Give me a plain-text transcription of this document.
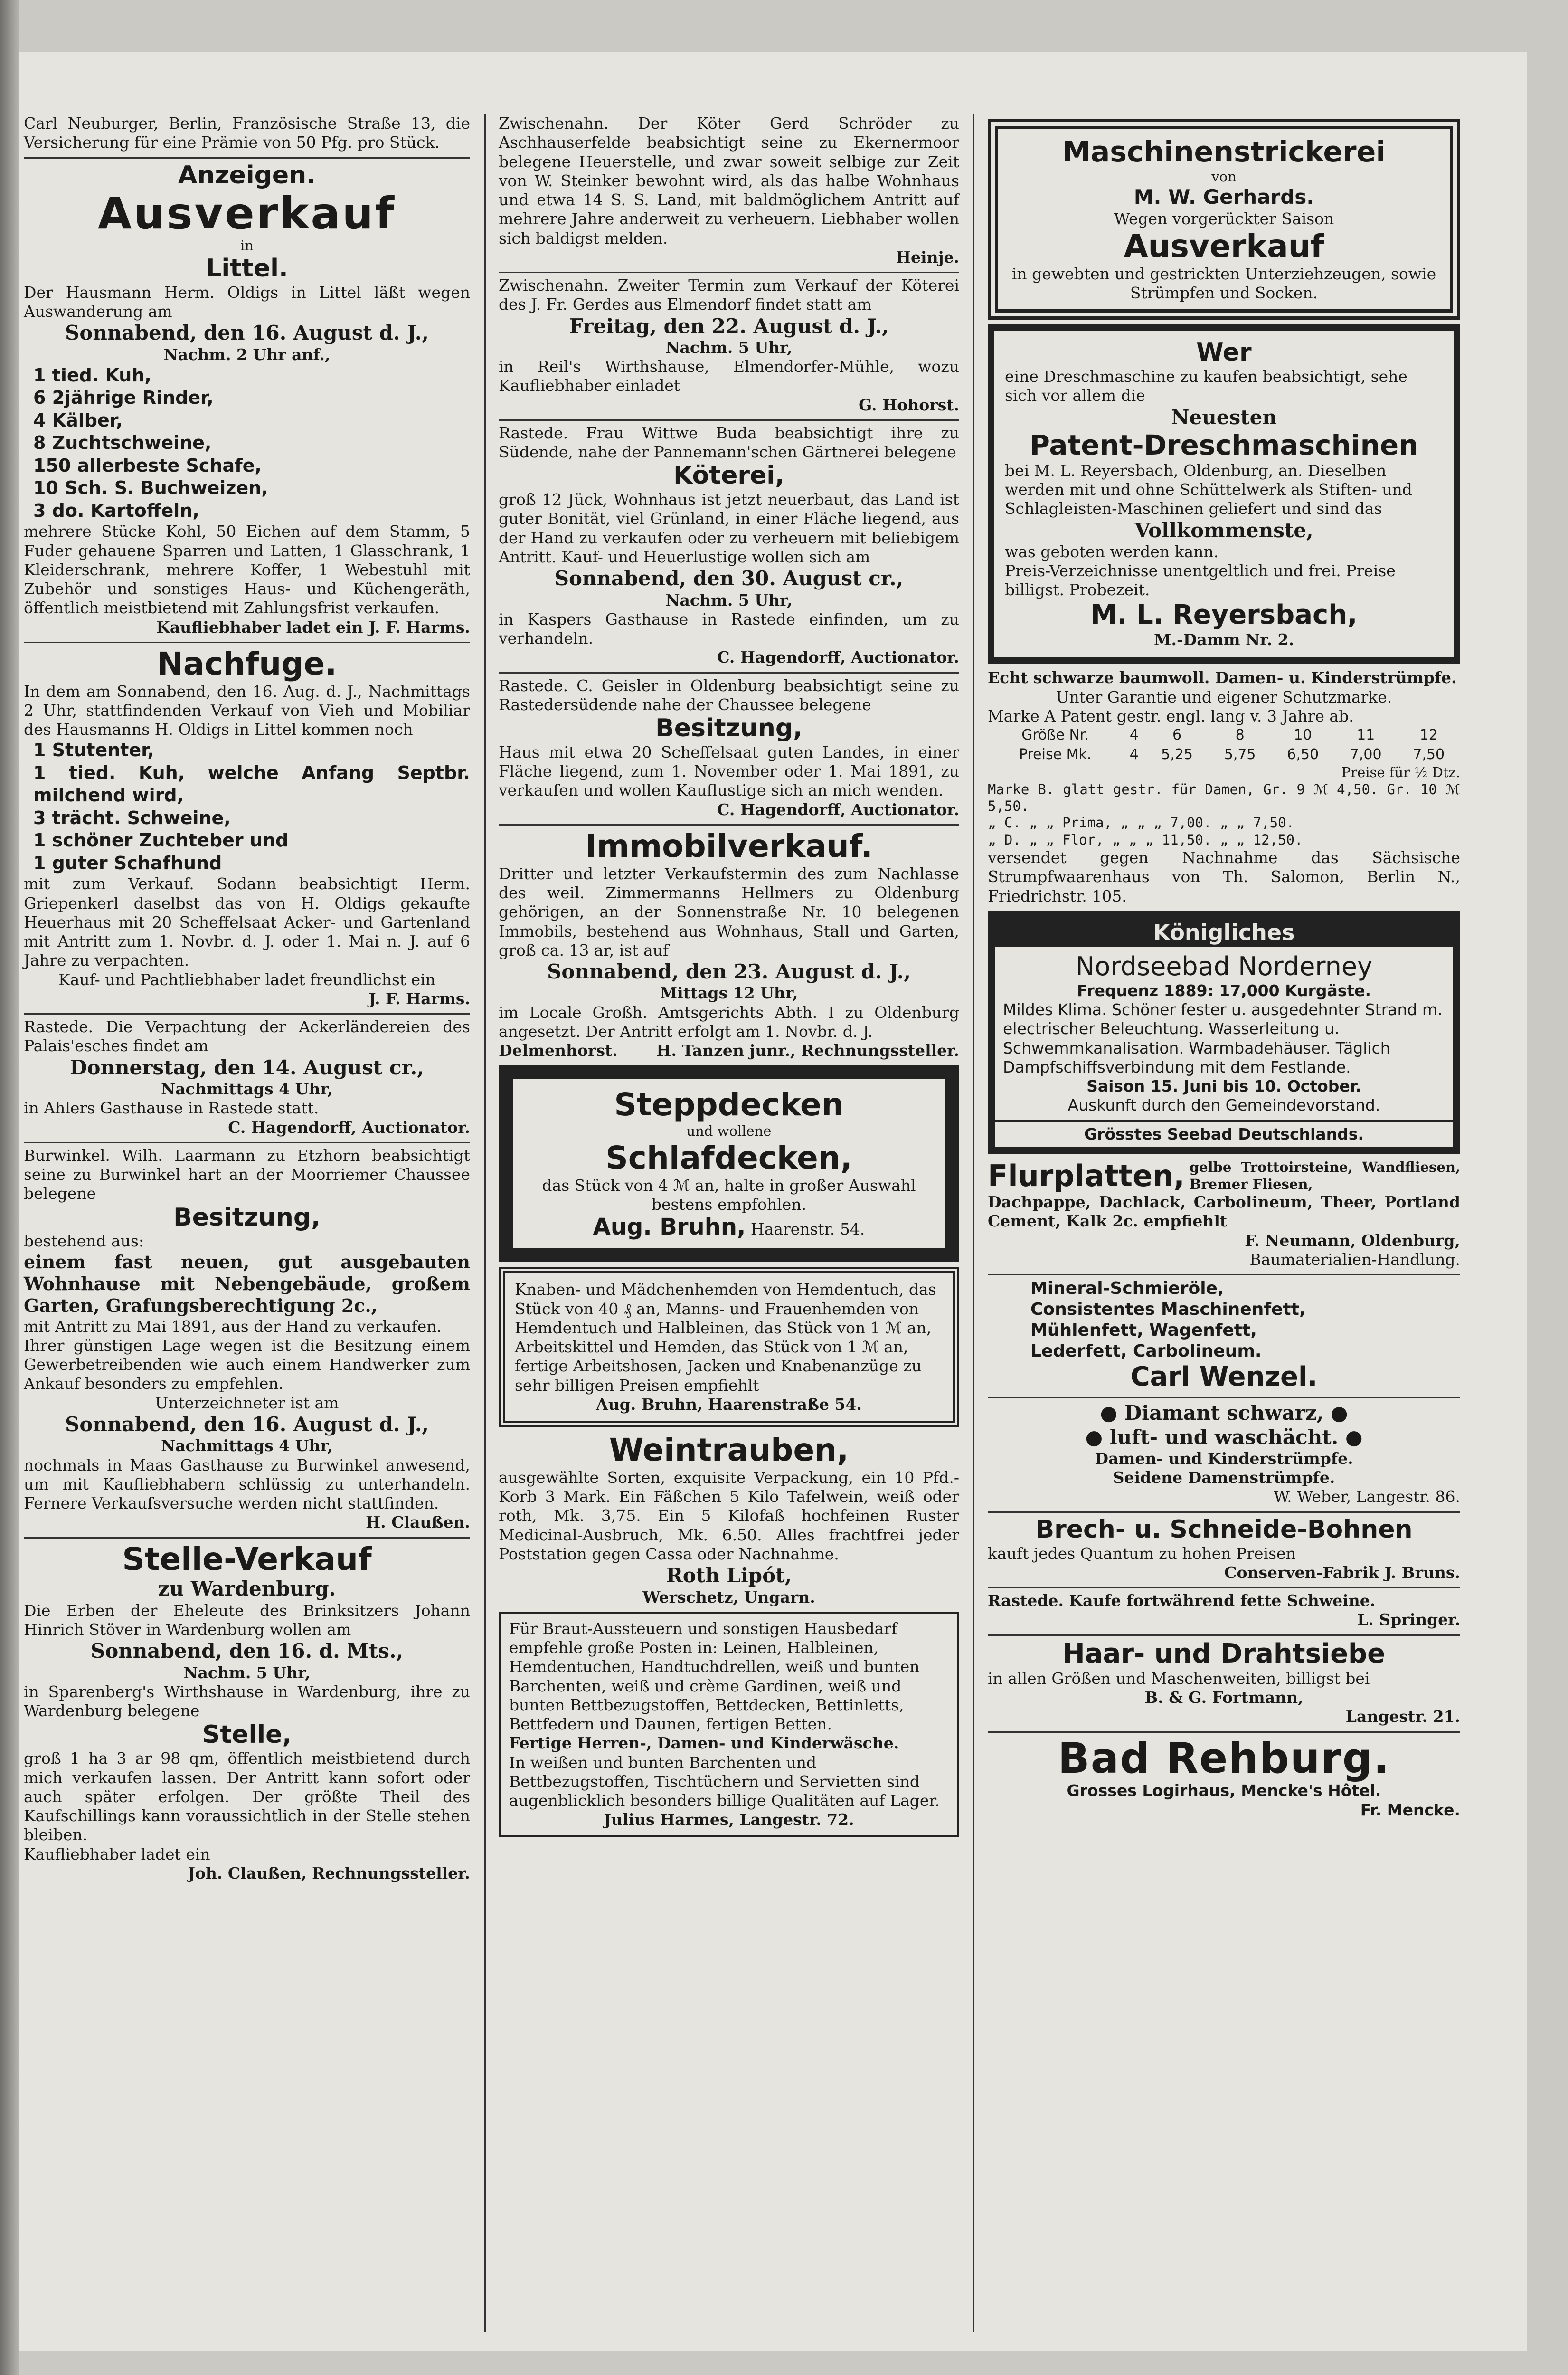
Carl Neuburger, Berlin, Französische Straße 13, die Versicherung für eine Prämie von 50 Pfg. pro Stück.
Anzeigen.
Ausverkauf
in
Littel.
Der Hausmann Herm. Oldigs in Littel läßt wegen Auswanderung am
Sonnabend, den 16. August d. J.,
Nachm. 2 Uhr anf.,
1 tied. Kuh,
6 2jährige Rinder,
4 Kälber,
8 Zuchtschweine,
150 allerbeste Schafe,
10 Sch. S. Buchweizen,
3 do. Kartoffeln,
mehrere Stücke Kohl, 50 Eichen auf dem Stamm, 5 Fuder gehauene Sparren und Latten, 1 Glasschrank, 1 Kleiderschrank, mehrere Koffer, 1 Webestuhl mit Zubehör und sonstiges Haus- und Küchengeräth, öffentlich meistbietend mit Zahlungsfrist verkaufen.
Kaufliebhaber ladet ein J. F. Harms.
Nachfuge.
In dem am Sonnabend, den 16. Aug. d. J., Nachmittags 2 Uhr, stattfindenden Verkauf von Vieh und Mobiliar des Hausmanns H. Oldigs in Littel kommen noch
1 Stutenter,
1 tied. Kuh, welche Anfang Septbr. milchend wird,
3 trächt. Schweine,
1 schöner Zuchteber und
1 guter Schafhund
mit zum Verkauf. Sodann beabsichtigt Herm. Griepenkerl daselbst das von H. Oldigs gekaufte Heuerhaus mit 20 Scheffelsaat Acker- und Gartenland mit Antritt zum 1. Novbr. d. J. oder 1. Mai n. J. auf 6 Jahre zu verpachten.
Kauf- und Pachtliebhaber ladet freundlichst ein
J. F. Harms.
Rastede. Die Verpachtung der Ackerländereien des Palais'esches findet am
Donnerstag, den 14. August cr.,
Nachmittags 4 Uhr,
in Ahlers Gasthause in Rastede statt.
C. Hagendorff, Auctionator.
Burwinkel. Wilh. Laarmann zu Etzhorn beabsichtigt seine zu Burwinkel hart an der Moorriemer Chaussee belegene
Besitzung,
bestehend aus:
einem fast neuen, gut ausgebauten Wohnhause mit Nebengebäude, großem Garten, Grafungsberechtigung 2c.,
mit Antritt zu Mai 1891, aus der Hand zu verkaufen.
Ihrer günstigen Lage wegen ist die Besitzung einem Gewerbetreibenden wie auch einem Handwerker zum Ankauf besonders zu empfehlen.
Unterzeichneter ist am
Sonnabend, den 16. August d. J.,
Nachmittags 4 Uhr,
nochmals in Maas Gasthause zu Burwinkel anwesend, um mit Kaufliebhabern schlüssig zu unterhandeln. Fernere Verkaufsversuche werden nicht stattfinden.
H. Claußen.
Stelle-Verkauf
zu Wardenburg.
Die Erben der Eheleute des Brinksitzers Johann Hinrich Stöver in Wardenburg wollen am
Sonnabend, den 16. d. Mts.,
Nachm. 5 Uhr,
in Sparenberg's Wirthshause in Wardenburg, ihre zu Wardenburg belegene
Stelle,
groß 1 ha 3 ar 98 qm, öffentlich meistbietend durch mich verkaufen lassen. Der Antritt kann sofort oder auch später erfolgen. Der größte Theil des Kaufschillings kann voraussichtlich in der Stelle stehen bleiben.
Kaufliebhaber ladet ein
Joh. Claußen, Rechnungssteller.
Zwischenahn. Der Köter Gerd Schröder zu Aschhauserfelde beabsichtigt seine zu Ekernermoor belegene Heuerstelle, und zwar soweit selbige zur Zeit von W. Steinker bewohnt wird, als das halbe Wohnhaus und etwa 14 S. S. Land, mit baldmöglichem Antritt auf mehrere Jahre anderweit zu verheuern. Liebhaber wollen sich baldigst melden.
Heinje.
Zwischenahn. Zweiter Termin zum Verkauf der Köterei des J. Fr. Gerdes aus Elmendorf findet statt am
Freitag, den 22. August d. J.,
Nachm. 5 Uhr,
in Reil's Wirthshause, Elmendorfer-Mühle, wozu Kaufliebhaber einladet
G. Hohorst.
Rastede. Frau Wittwe Buda beabsichtigt ihre zu Südende, nahe der Pannemann'schen Gärtnerei belegene
Köterei,
groß 12 Jück, Wohnhaus ist jetzt neuerbaut, das Land ist guter Bonität, viel Grünland, in einer Fläche liegend, aus der Hand zu verkaufen oder zu verheuern mit beliebigem Antritt. Kauf- und Heuerlustige wollen sich am
Sonnabend, den 30. August cr.,
Nachm. 5 Uhr,
in Kaspers Gasthause in Rastede einfinden, um zu verhandeln.
C. Hagendorff, Auctionator.
Rastede. C. Geisler in Oldenburg beabsichtigt seine zu Rastedersüdende nahe der Chaussee belegene
Besitzung,
Haus mit etwa 20 Scheffelsaat guten Landes, in einer Fläche liegend, zum 1. November oder 1. Mai 1891, zu verkaufen und wollen Kauflustige sich an mich wenden.
C. Hagendorff, Auctionator.
Immobilverkauf.
Dritter und letzter Verkaufstermin des zum Nachlasse des weil. Zimmermanns Hellmers zu Oldenburg gehörigen, an der Sonnenstraße Nr. 10 belegenen Immobils, bestehend aus Wohnhaus, Stall und Garten, groß ca. 13 ar, ist auf
Sonnabend, den 23. August d. J.,
Mittags 12 Uhr,
im Locale Großh. Amtsgerichts Abth. I zu Oldenburg angesetzt. Der Antritt erfolgt am 1. Novbr. d. J.
Delmenhorst. H. Tanzen junr., Rechnungssteller.
Steppdecken
und wollene
Schlafdecken,
das Stück von 4 ℳ an, halte in großer Auswahl bestens empfohlen.
Aug. Bruhn, Haarenstr. 54.
Knaben- und Mädchenhemden von Hemdentuch, das Stück von 40 ₰ an, Manns- und Frauenhemden von Hemdentuch und Halbleinen, das Stück von 1 ℳ an, Arbeitskittel und Hemden, das Stück von 1 ℳ an, fertige Arbeitshosen, Jacken und Knabenanzüge zu sehr billigen Preisen empfiehlt
Aug. Bruhn, Haarenstraße 54.
Weintrauben,
ausgewählte Sorten, exquisite Verpackung, ein 10 Pfd.-Korb 3 Mark. Ein Fäßchen 5 Kilo Tafelwein, weiß oder roth, Mk. 3,75. Ein 5 Kilofaß hochfeinen Ruster Medicinal-Ausbruch, Mk. 6.50. Alles frachtfrei jeder Poststation gegen Cassa oder Nachnahme.
Roth Lipót,
Werschetz, Ungarn.
Für Braut-Aussteuern und sonstigen Hausbedarf empfehle große Posten in: Leinen, Halbleinen, Hemdentuchen, Handtuchdrellen, weiß und bunten Barchenten, weiß und crème Gardinen, weiß und bunten Bettbezugstoffen, Bettdecken, Bettinletts, Bettfedern und Daunen, fertigen Betten.
Fertige Herren-, Damen- und Kinderwäsche.
In weißen und bunten Barchenten und Bettbezugstoffen, Tischtüchern und Servietten sind augenblicklich besonders billige Qualitäten auf Lager.
Julius Harmes, Langestr. 72.
Maschinenstrickerei
von
M. W. Gerhards.
Wegen vorgerückter Saison
Ausverkauf
in gewebten und gestrickten Unterziehzeugen, sowie Strümpfen und Socken.
Wer
eine Dreschmaschine zu kaufen beabsichtigt, sehe sich vor allem die
Neuesten
Patent-Dreschmaschinen
bei M. L. Reyersbach, Oldenburg, an. Dieselben werden mit und ohne Schüttelwerk als Stiften- und Schlagleisten-Maschinen geliefert und sind das
Vollkommenste,
was geboten werden kann.
Preis-Verzeichnisse unentgeltlich und frei. Preise billigst. Probezeit.
M. L. Reyersbach,
M.-Damm Nr. 2.
Echt schwarze baumwoll. Damen- u. Kinderstrümpfe.
Unter Garantie und eigener Schutzmarke.
Marke A Patent gestr. engl. lang v. 3 Jahre ab.
Größe Nr.	4	6	8	10	11	12
Preise Mk.	4	5,25	5,75	6,50	7,00	7,50
Preise für ½ Dtz.
Marke B. glatt gestr. für Damen, Gr. 9 ℳ 4,50. Gr. 10 ℳ 5,50.
„ C. „ „ Prima, „ „ „ 7,00. „ „ 7,50.
„ D. „ „ Flor, „ „ „ 11,50. „ „ 12,50.
versendet gegen Nachnahme das Sächsische Strumpfwaarenhaus von Th. Salomon, Berlin N., Friedrichstr. 105.
Königliches
Nordseebad Norderney
Frequenz 1889: 17,000 Kurgäste.
Mildes Klima. Schöner fester u. ausgedehnter Strand m. electrischer Beleuchtung. Wasserleitung u. Schwemmkanalisation. Warmbadehäuser. Täglich Dampfschiffsverbindung mit dem Festlande.
Saison 15. Juni bis 10. October.
Auskunft durch den Gemeindevorstand.
Grösstes Seebad Deutschlands.
Flurplatten, gelbe Trottoirsteine, Wandfliesen, Bremer Fliesen,
Dachpappe, Dachlack, Carbolineum, Theer, Portland Cement, Kalk 2c. empfiehlt
F. Neumann, Oldenburg,
Baumaterialien-Handlung.
Mineral-Schmieröle,
Consistentes Maschinenfett,
Mühlenfett, Wagenfett,
Lederfett, Carbolineum.
Carl Wenzel.
● Diamant schwarz, ●
● luft- und waschächt. ●
Damen- und Kinderstrümpfe.
Seidene Damenstrümpfe.
W. Weber, Langestr. 86.
Brech- u. Schneide-Bohnen
kauft jedes Quantum zu hohen Preisen
Conserven-Fabrik J. Bruns.
Rastede. Kaufe fortwährend fette Schweine.
L. Springer.
Haar- und Drahtsiebe
in allen Größen und Maschenweiten, billigst bei
B. & G. Fortmann,
Langestr. 21.
Bad Rehburg.
Grosses Logirhaus, Mencke's Hôtel.
Fr. Mencke.
